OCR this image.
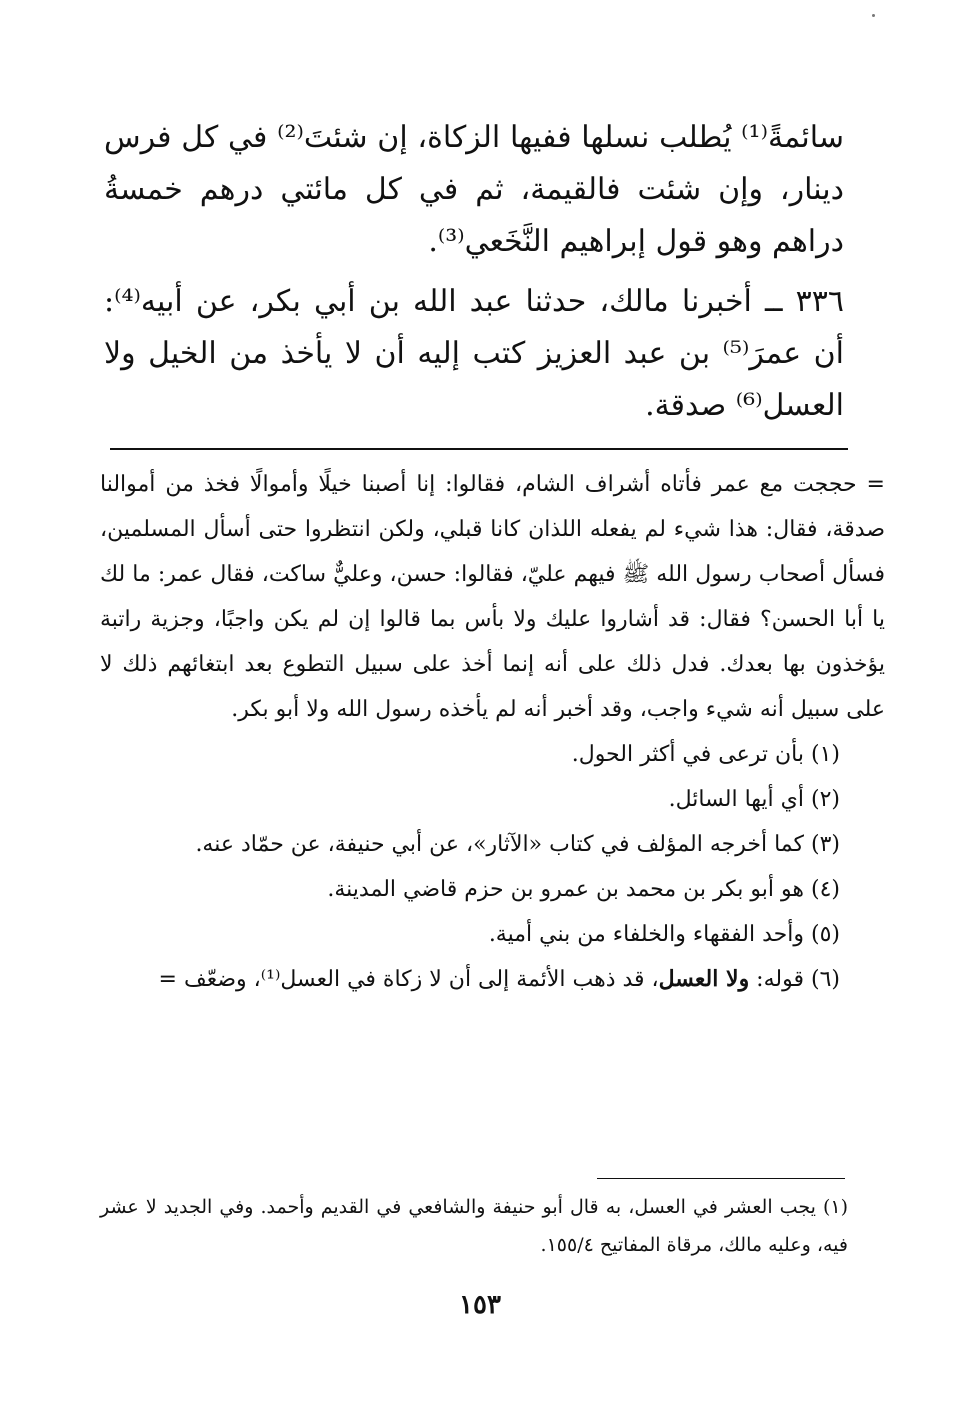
سائمةً⁽¹⁾ يُطلب نسلها ففيها الزكاة، إن شئتَ⁽²⁾ في كل فرس دينار، وإن شئت فالقيمة، ثم في كل مائتي درهم خمسةُ دراهم وهو قول إبراهيم النَّخَعي⁽³⁾.

٣٣٦ ــ أخبرنا مالك، حدثنا عبد الله بن أبي بكر، عن أبيه⁽⁴⁾: أن عمرَ⁽⁵⁾ بن عبد العزيز كتب إليه أن لا يأخذ من الخيل ولا العسل⁽⁶⁾ صدقة.

= حججت مع عمر فأتاه أشراف الشام، فقالوا: إنا أصبنا خيلًا وأموالًا فخذ من أموالنا صدقة، فقال: هذا شيء لم يفعله اللذان كانا قبلي، ولكن انتظروا حتى أسأل المسلمين، فسأل أصحاب رسول الله ﷺ فيهم عليّ، فقالوا: حسن، وعليٌّ ساكت، فقال عمر: ما لك يا أبا الحسن؟ فقال: قد أشاروا عليك ولا بأس بما قالوا إن لم يكن واجبًا، وجزية راتبة يؤخذون بها بعدك. فدل ذلك على أنه إنما أخذ على سبيل التطوع بعد ابتغائهم ذلك لا على سبيل أنه شيء واجب، وقد أخبر أنه لم يأخذه رسول الله ولا أبو بكر.

(١) بأن ترعى في أكثر الحول.

(٢) أي أيها السائل.

(٣) كما أخرجه المؤلف في كتاب «الآثار»، عن أبي حنيفة، عن حمّاد عنه.

(٤) هو أبو بكر بن محمد بن عمرو بن حزم قاضي المدينة.

(٥) وأحد الفقهاء والخلفاء من بني أمية.

(٦) قوله: ولا العسل، قد ذهب الأئمة إلى أن لا زكاة في العسل⁽¹⁾، وضعّف =

(١) يجب العشر في العسل، به قال أبو حنيفة والشافعي في القديم وأحمد. وفي الجديد لا عشر فيه، وعليه مالك، مرقاة المفاتيح ١٥٥/٤.
١٥٣
